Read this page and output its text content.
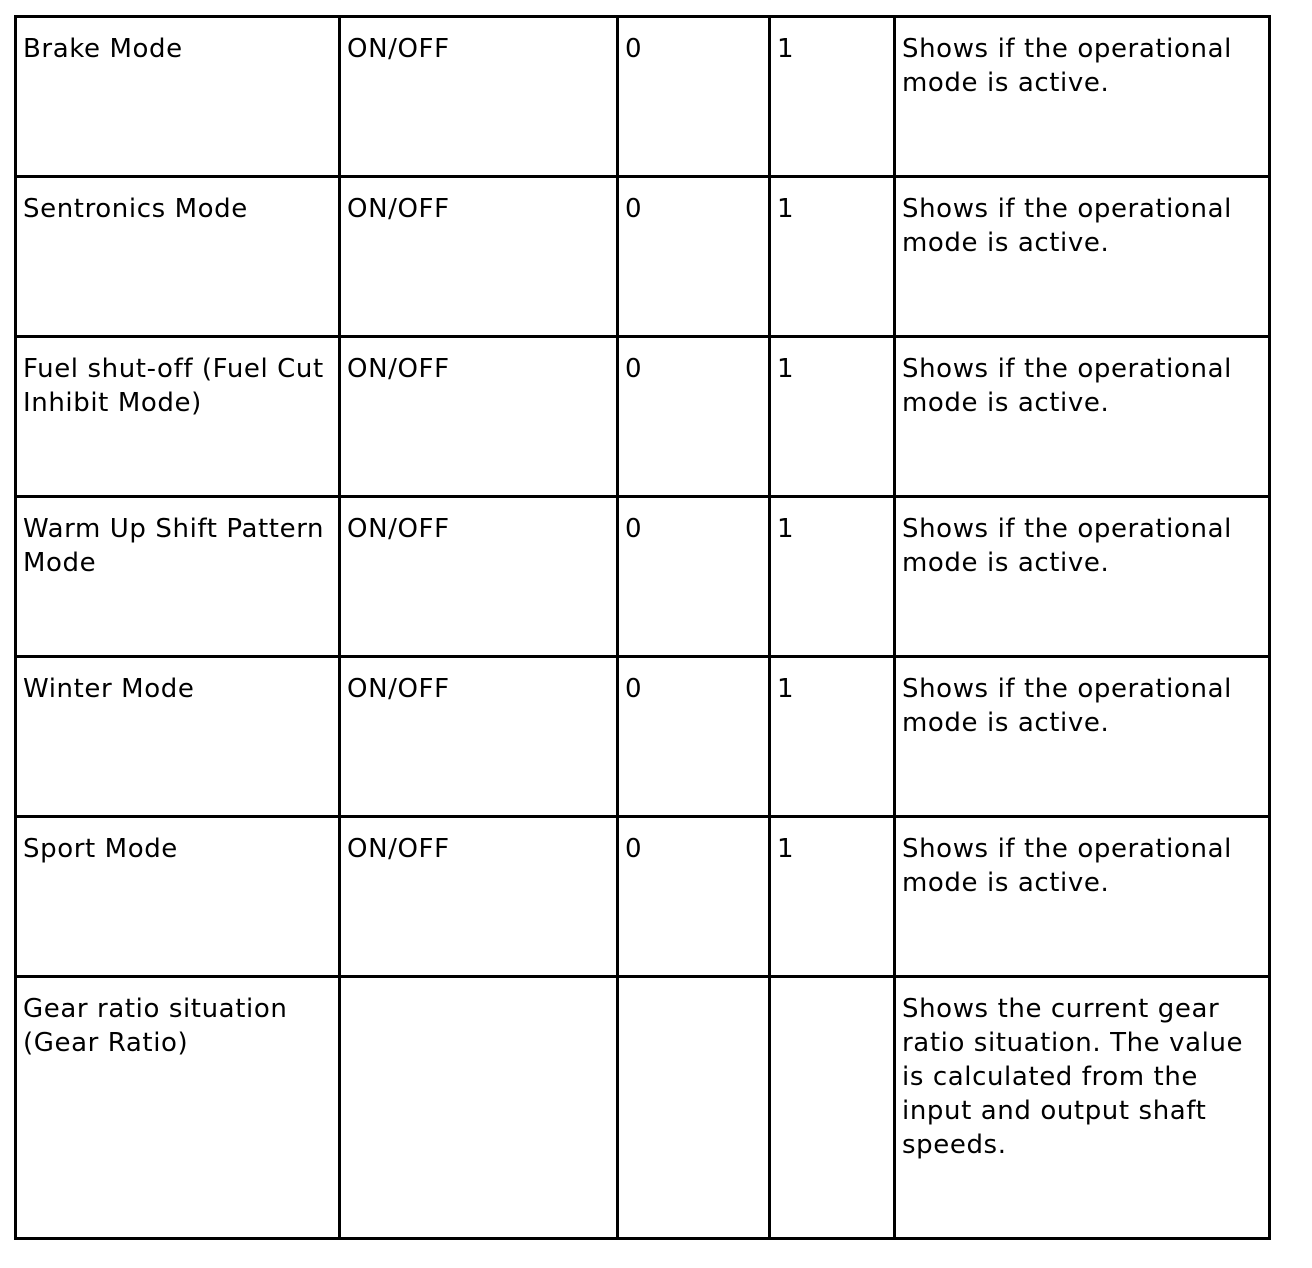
Brake Mode	ON/OFF	0	1	Shows if the operational mode is active.
Sentronics Mode	ON/OFF	0	1	Shows if the operational mode is active.
Fuel shut-off (Fuel Cut Inhibit Mode)	ON/OFF	0	1	Shows if the operational mode is active.
Warm Up Shift Pattern Mode	ON/OFF	0	1	Shows if the operational mode is active.
Winter Mode	ON/OFF	0	1	Shows if the operational mode is active.
Sport Mode	ON/OFF	0	1	Shows if the operational mode is active.
Gear ratio situation (Gear Ratio)				Shows the current gear ratio situation. The value is calculated from the input and output shaft speeds.
